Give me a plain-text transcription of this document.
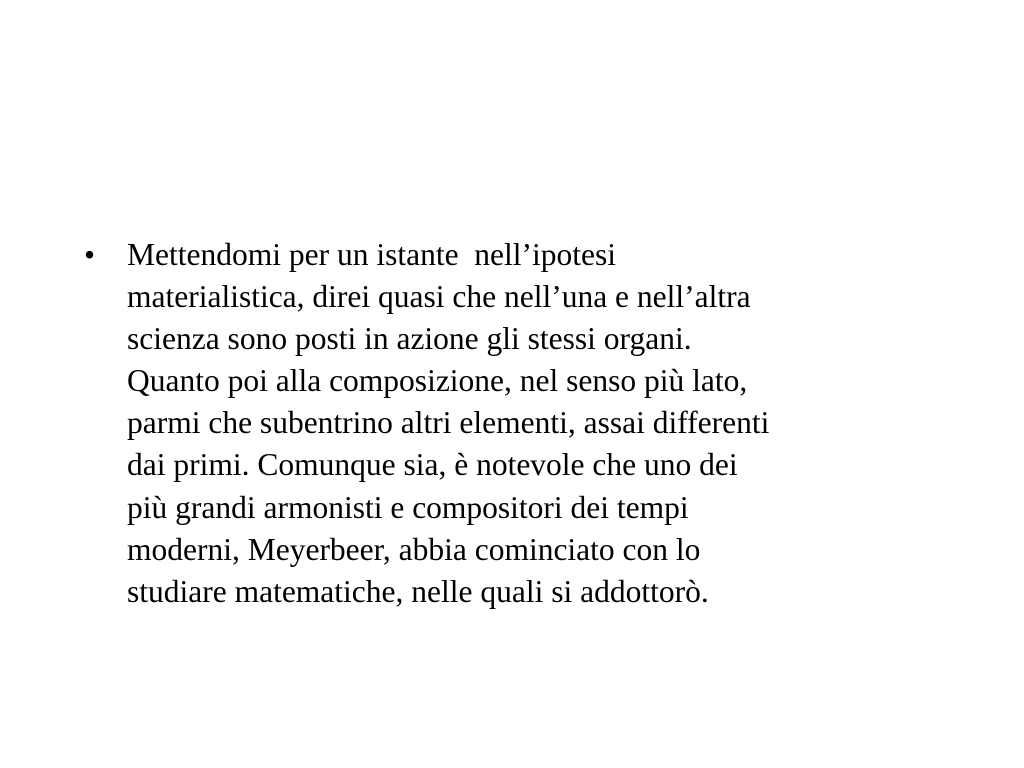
•	Mettendomi per un istante  nell’ipotesi
materialistica, direi quasi che nell’una e nell’altra
scienza sono posti in azione gli stessi organi.
Quanto poi alla composizione, nel senso più lato,
parmi che subentrino altri elementi, assai differenti
dai primi. Comunque sia, è notevole che uno dei
più grandi armonisti e compositori dei tempi
moderni, Meyerbeer, abbia cominciato con lo
studiare matematiche, nelle quali si addottorò.
